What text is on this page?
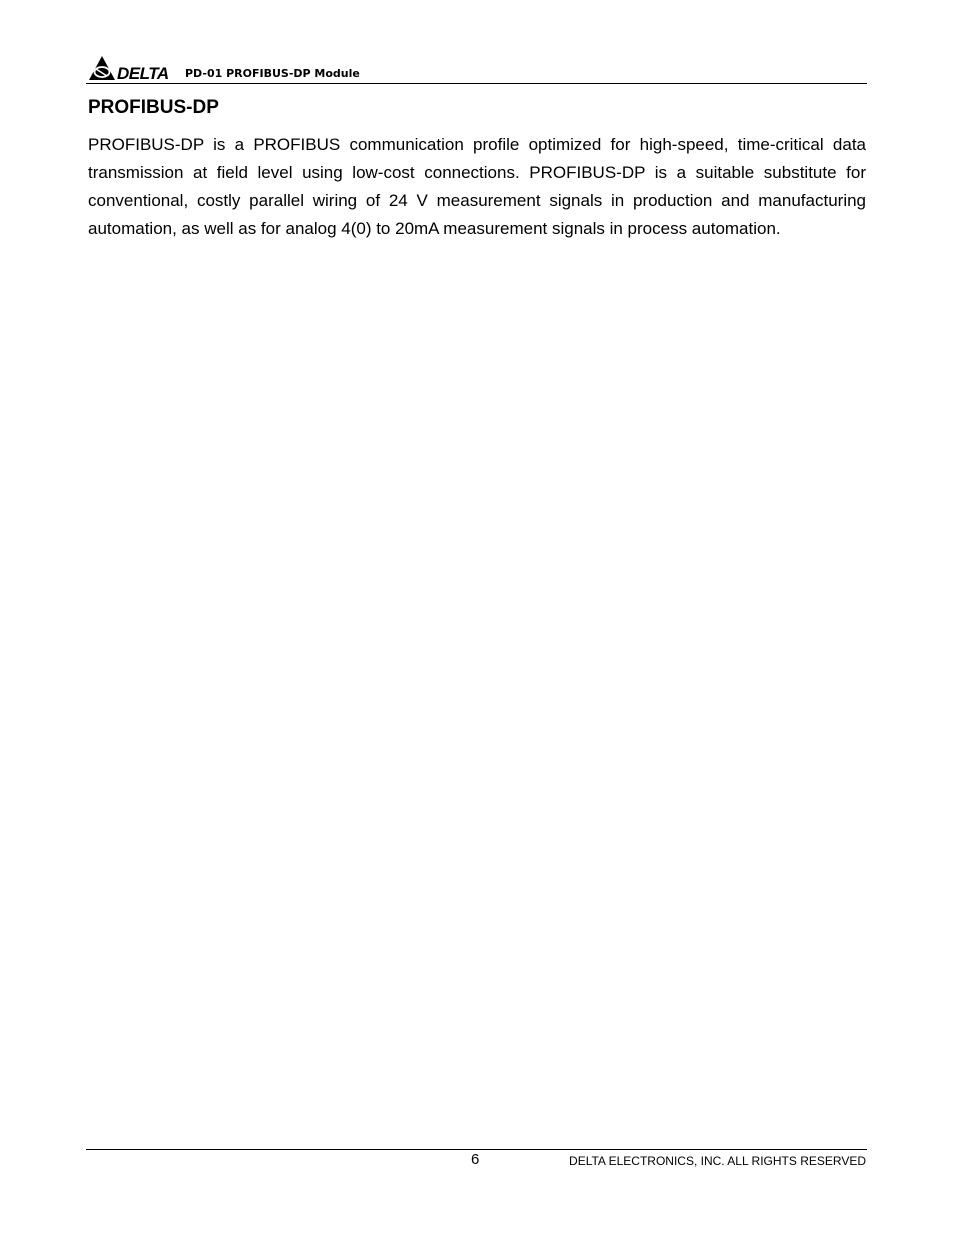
DELTA PD-01 PROFIBUS-DP Module
PROFIBUS-DP

PROFIBUS-DP is a PROFIBUS communication profile optimized for high-speed, time-critical data transmission at field level using low-cost connections. PROFIBUS-DP is a suitable substitute for conventional, costly parallel wiring of 24 V measurement signals in production and manufacturing automation, as well as for analog 4(0) to 20mA measurement signals in process automation.

6	DELTA ELECTRONICS, INC. ALL RIGHTS RESERVED
